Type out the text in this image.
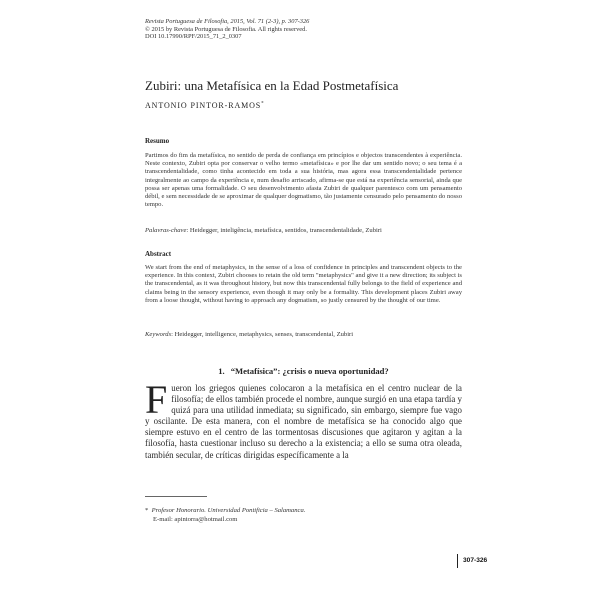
Revista Portuguesa de Filosofia, 2015, Vol. 71 (2-3), p. 307-326
© 2015 by Revista Portuguesa de Filosofia. All rights reserved.
DOI 10.17990/RPF/2015_71_2_0307
Zubiri: una Metafísica en la Edad Postmetafísica
ANTONIO PINTOR-RAMOS*
Resumo
Partimos do fim da metafísica, no sentido de perda de confiança em princípios e objectos transcendentes à experiência. Neste contexto, Zubiri opta por conservar o velho termo «metafísica» e por lhe dar um sentido novo; o seu tema é a transcendentalidade, como tinha acontecido em toda a sua história, mas agora essa transcendentalidade pertence integralmente ao campo da experiência e, num desafio arriscado, afirma-se que está na experiência sensorial, ainda que possa ser apenas uma formalidade. O seu desenvolvimento afasta Zubiri de qualquer parentesco com um pensamento débil, e sem necessidade de se aproximar de qualquer dogmatismo, tão justamente censurado pelo pensamento do nosso tempo.
Palavras-chave: Heidegger, inteligência, metafísica, sentidos, transcendentalidade, Zubiri
Abstract
We start from the end of metaphysics, in the sense of a loss of confidence in principles and transcendent objects to the experience. In this context, Zubiri chooses to retain the old term "metaphysics" and give it a new direction; its subject is the transcendental, as it was throughout history, but now this transcendental fully belongs to the field of experience and claims being in the sensory experience, even though it may only be a formality. This development places Zubiri away from a loose thought, without having to approach any dogmatism, so justly censured by the thought of our time.
Keywords: Heidegger, intelligence, metaphysics, senses, transcendental, Zubiri
1. “Metafísica”: ¿crisis o nueva oportunidad?
Fueron los griegos quienes colocaron a la metafísica en el centro nuclear de la filosofía; de ellos también procede el nombre, aunque surgió en una etapa tardía y quizá para una utilidad inmediata; su significado, sin embargo, siempre fue vago y oscilante. De esta manera, con el nombre de metafísica se ha conocido algo que siempre estuvo en el centro de las tormentosas discusiones que agitaron y agitan a la filosofía, hasta cuestionar incluso su derecho a la existencia; a ello se suma otra oleada, también secular, de críticas dirigidas específicamente a la
* Profesor Honorario. Universidad Pontificia – Salamanca.
E-mail: apintorra@hotmail.com
307-326
